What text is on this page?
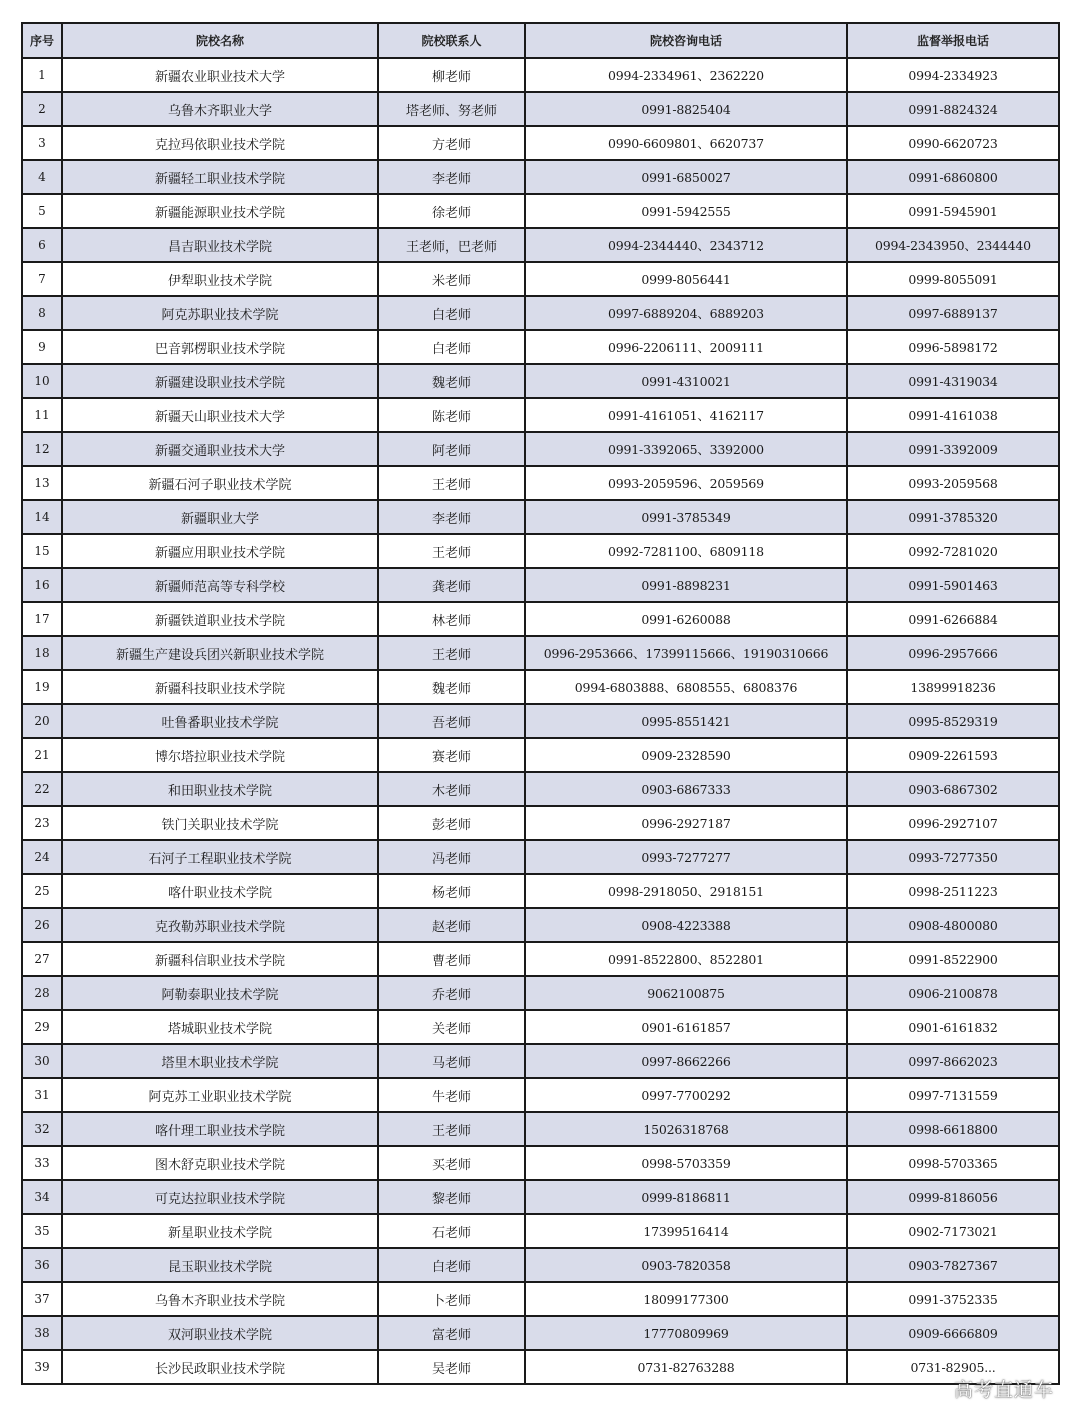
序号	院校名称	院校联系人	院校咨询电话	监督举报电话
1	新疆农业职业技术大学	柳老师	0994-2334961、2362220	0994-2334923
2	乌鲁木齐职业大学	塔老师、努老师	0991-8825404	0991-8824324
3	克拉玛依职业技术学院	方老师	0990-6609801、6620737	0990-6620723
4	新疆轻工职业技术学院	李老师	0991-6850027	0991-6860800
5	新疆能源职业技术学院	徐老师	0991-5942555	0991-5945901
6	昌吉职业技术学院	王老师，巴老师	0994-2344440、2343712	0994-2343950、2344440
7	伊犁职业技术学院	米老师	0999-8056441	0999-8055091
8	阿克苏职业技术学院	白老师	0997-6889204、6889203	0997-6889137
9	巴音郭楞职业技术学院	白老师	0996-2206111、2009111	0996-5898172
10	新疆建设职业技术学院	魏老师	0991-4310021	0991-4319034
11	新疆天山职业技术大学	陈老师	0991-4161051、4162117	0991-4161038
12	新疆交通职业技术大学	阿老师	0991-3392065、3392000	0991-3392009
13	新疆石河子职业技术学院	王老师	0993-2059596、2059569	0993-2059568
14	新疆职业大学	李老师	0991-3785349	0991-3785320
15	新疆应用职业技术学院	王老师	0992-7281100、6809118	0992-7281020
16	新疆师范高等专科学校	龚老师	0991-8898231	0991-5901463
17	新疆铁道职业技术学院	林老师	0991-6260088	0991-6266884
18	新疆生产建设兵团兴新职业技术学院	王老师	0996-2953666、17399115666、19190310666	0996-2957666
19	新疆科技职业技术学院	魏老师	0994-6803888、6808555、6808376	13899918236
20	吐鲁番职业技术学院	吾老师	0995-8551421	0995-8529319
21	博尔塔拉职业技术学院	赛老师	0909-2328590	0909-2261593
22	和田职业技术学院	木老师	0903-6867333	0903-6867302
23	铁门关职业技术学院	彭老师	0996-2927187	0996-2927107
24	石河子工程职业技术学院	冯老师	0993-7277277	0993-7277350
25	喀什职业技术学院	杨老师	0998-2918050、2918151	0998-2511223
26	克孜勒苏职业技术学院	赵老师	0908-4223388	0908-4800080
27	新疆科信职业技术学院	曹老师	0991-8522800、8522801	0991-8522900
28	阿勒泰职业技术学院	乔老师	9062100875	0906-2100878
29	塔城职业技术学院	关老师	0901-6161857	0901-6161832
30	塔里木职业技术学院	马老师	0997-8662266	0997-8662023
31	阿克苏工业职业技术学院	牛老师	0997-7700292	0997-7131559
32	喀什理工职业技术学院	王老师	15026318768	0998-6618800
33	图木舒克职业技术学院	买老师	0998-5703359	0998-5703365
34	可克达拉职业技术学院	黎老师	0999-8186811	0999-8186056
35	新星职业技术学院	石老师	17399516414	0902-7173021
36	昆玉职业技术学院	白老师	0903-7820358	0903-7827367
37	乌鲁木齐职业技术学院	卜老师	18099177300	0991-3752335
38	双河职业技术学院	富老师	17770809969	0909-6666809
39	长沙民政职业技术学院	吴老师	0731-82763288	0731-82905...
高考直通车
